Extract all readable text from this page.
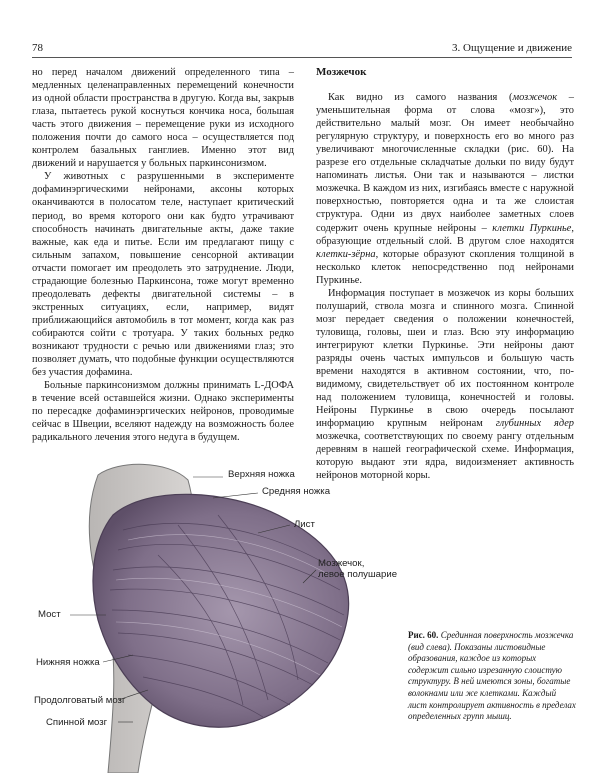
78	3. Ощущение и движение

но перед началом движений определенного типа – медленных целенаправленных перемещений конечности из одной области пространства в другую. Когда вы, закрыв глаза, пытаетесь рукой коснуться кончика носа, большая часть этого движения – перемещение руки из исходного положения почти до самого носа – осуществляется под контролем базальных ганглиев. Именно этот вид движений и нарушается у больных паркинсонизмом.

У животных с разрушенными в эксперименте дофаминэргическими нейронами, аксоны которых оканчиваются в полосатом теле, наступает критический период, во время которого они как будто утрачивают способность начинать двигательные акты, даже такие важные, как еда и питье. Если им предлагают пищу с сильным запахом, повышение сенсорной активации отчасти помогает им преодолеть это затруднение. Люди, страдающие болезнью Паркинсона, тоже могут временно преодолевать дефекты двигательной системы – в экстренных ситуациях, если, например, видят приближающийся автомобиль в тот момент, когда как раз собираются сойти с тротуара. У таких больных редко возникают трудности с речью или движениями глаз; это позволяет думать, что подобные функции осуществляются без участия дофамина.

Больные паркинсонизмом должны принимать L-ДОФА в течение всей оставшейся жизни. Однако эксперименты по пересадке дофаминэргических нейронов, проводимые сейчас в Швеции, вселяют надежду на возможность более радикального лечения этого недуга в будущем.

Мозжечок

Как видно из самого названия (мозжечок – уменьшительная форма от слова «мозг»), это действительно малый мозг. Он имеет необычайно регулярную структуру, и поверхность его во много раз увеличивают многочисленные складки (рис. 60). На разрезе его отдельные складчатые дольки по виду будут напоминать листья. Они так и называются – листки мозжечка. В каждом из них, изгибаясь вместе с наружной поверхностью, повторяется одна и та же слоистая структура. Одни из двух наиболее заметных слоев содержит очень крупные нейроны – клетки Пуркинье, образующие отдельный слой. В другом слое находятся клетки-зёрна, которые образуют скопления толщиной в несколько клеток непосредственно под нейронами Пуркинье.

Информация поступает в мозжечок из коры больших полушарий, ствола мозга и спинного мозга. Спинной мозг передает сведения о положении конечностей, туловища, головы, шеи и глаз. Всю эту информацию интегрируют клетки Пуркинье. Эти нейроны дают разряды очень частых импульсов и большую часть времени находятся в активном состоянии, что, по-видимому, свидетельствует об их постоянном контроле над положением туловища, конечностей и головы. Нейроны Пуркинье в свою очередь посылают информацию крупным нейронам глубинных ядер мозжечка, соответствующих по своему рангу отдельным деревням в нашей географической схеме. Информация, которую выдают эти ядра, видоизменяет активность нейронов моторной коры.

Верхняя ножка
Средняя ножка
Лист
Мозжечок,
левое полушарие
Мост
Нижняя ножка
Продолговатый мозг
Спинной мозг
Рис. 60. Срединная поверхность мозжечка (вид слева). Показаны листовидные образования, каждое из которых содержит сильно изрезанную слоистую структуру. В ней имеются зоны, богатые волокнами или же клетками. Каждый лист контролирует активность в пределах определенных групп мышц.
